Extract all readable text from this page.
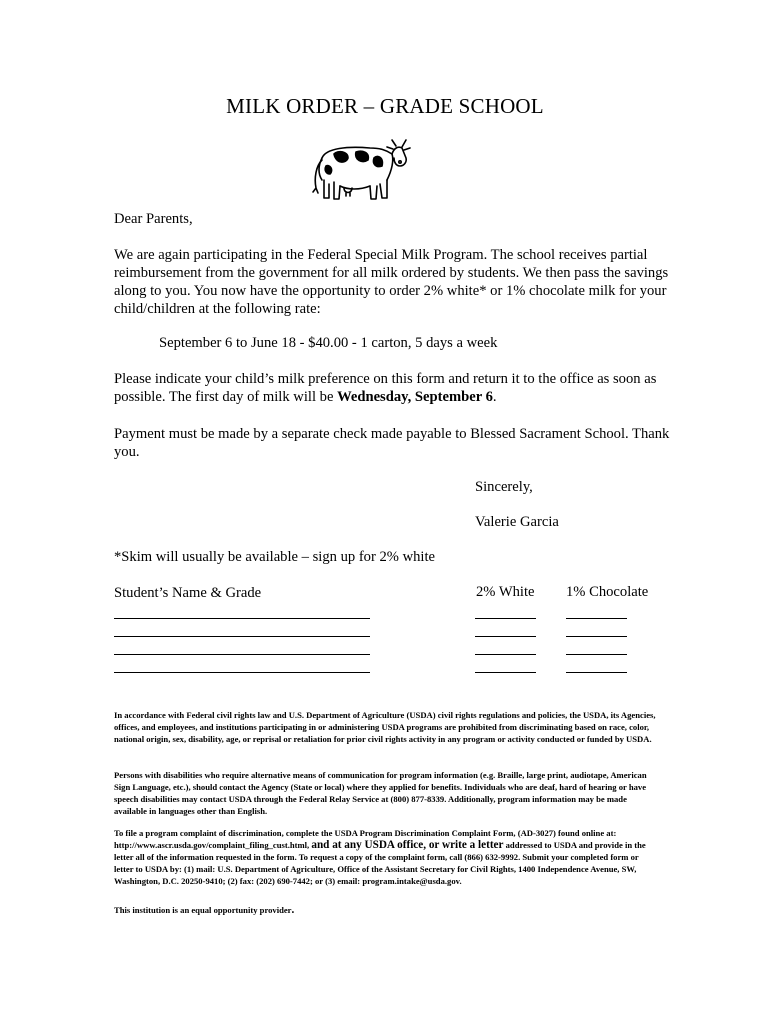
MILK ORDER – GRADE SCHOOL
Dear Parents,
We are again participating in the Federal Special Milk Program. The school receives partial reimbursement from the government for all milk ordered by students. We then pass the savings along to you. You now have the opportunity to order 2% white* or 1% chocolate milk for your child/children at the following rate:
September 6 to June 18 - $40.00 - 1 carton, 5 days a week
Please indicate your child’s milk preference on this form and return it to the office as soon as possible. The first day of milk will be Wednesday, September 6.
Payment must be made by a separate check made payable to Blessed Sacrament School. Thank you.
Sincerely,
Valerie Garcia
*Skim will usually be available – sign up for 2% white
Student’s Name & Grade	2% White 1% Chocolate
In accordance with Federal civil rights law and U.S. Department of Agriculture (USDA) civil rights regulations and policies, the USDA, its Agencies, offices, and employees, and institutions participating in or administering USDA programs are prohibited from discriminating based on race, color, national origin, sex, disability, age, or reprisal or retaliation for prior civil rights activity in any program or activity conducted or funded by USDA.
Persons with disabilities who require alternative means of communication for program information (e.g. Braille, large print, audiotape, American Sign Language, etc.), should contact the Agency (State or local) where they applied for benefits. Individuals who are deaf, hard of hearing or have speech disabilities may contact USDA through the Federal Relay Service at (800) 877-8339. Additionally, program information may be made available in languages other than English.
To file a program complaint of discrimination, complete the USDA Program Discrimination Complaint Form, (AD-3027) found online at: http://www.ascr.usda.gov/complaint_filing_cust.html, and at any USDA office, or write a letter addressed to USDA and provide in the letter all of the information requested in the form. To request a copy of the complaint form, call (866) 632-9992. Submit your completed form or letter to USDA by: (1) mail: U.S. Department of Agriculture, Office of the Assistant Secretary for Civil Rights, 1400 Independence Avenue, SW, Washington, D.C. 20250-9410; (2) fax: (202) 690-7442; or (3) email: program.intake@usda.gov.
This institution is an equal opportunity provider.
